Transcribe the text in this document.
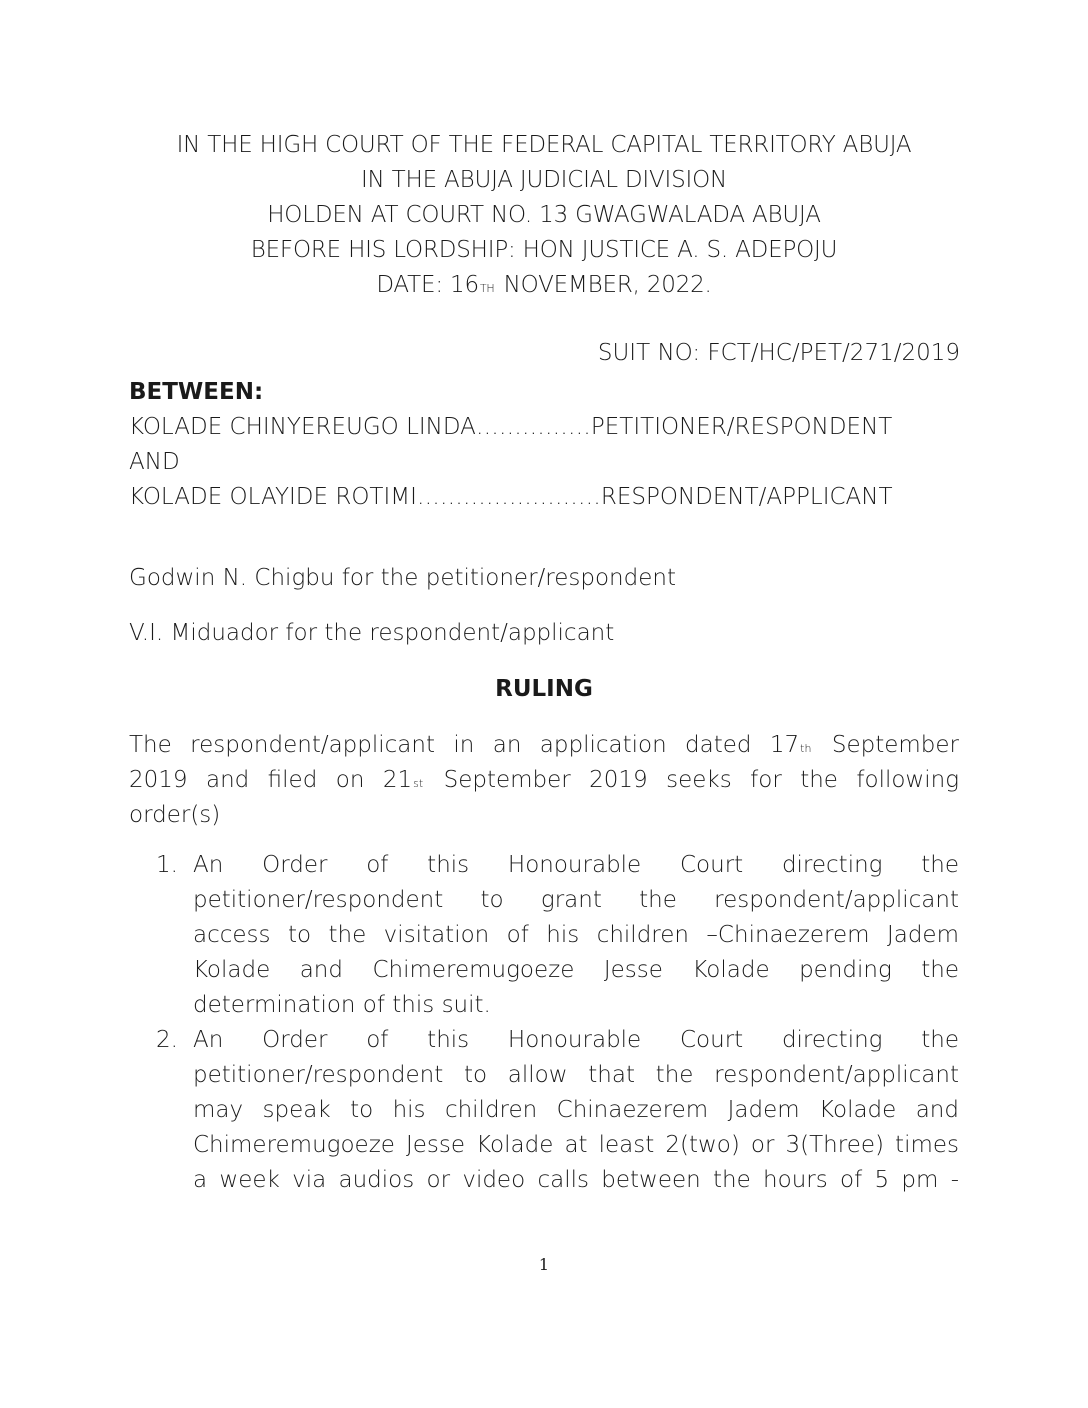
IN THE HIGH COURT OF THE FEDERAL CAPITAL TERRITORY ABUJA
IN THE ABUJA JUDICIAL DIVISION
HOLDEN AT COURT NO. 13 GWAGWALADA ABUJA
BEFORE HIS LORDSHIP: HON JUSTICE A. S. ADEPOJU
DATE: 16TH NOVEMBER, 2022.
SUIT NO: FCT/HC/PET/271/2019
BETWEEN:
KOLADE CHINYEREUGO LINDA……………PETITIONER/RESPONDENT
AND
KOLADE OLAYIDE ROTIMI……………………RESPONDENT/APPLICANT
Godwin N. Chigbu for the petitioner/respondent
V.I. Miduador for the respondent/applicant
RULING
The respondent/applicant in an application dated 17th September
2019 and filed on 21st September 2019 seeks for the following
order(s)
1. An Order of this Honourable Court directing the
petitioner/respondent to grant the respondent/applicant
access to the visitation of his children –Chinaezerem Jadem
Kolade and Chimeremugoeze Jesse Kolade pending the
determination of this suit.
2. An Order of this Honourable Court directing the
petitioner/respondent to allow that the respondent/applicant
may speak to his children Chinaezerem Jadem Kolade and
Chimeremugoeze Jesse Kolade at least 2(two) or 3(Three) times
a week via audios or video calls between the hours of 5 pm -
1
